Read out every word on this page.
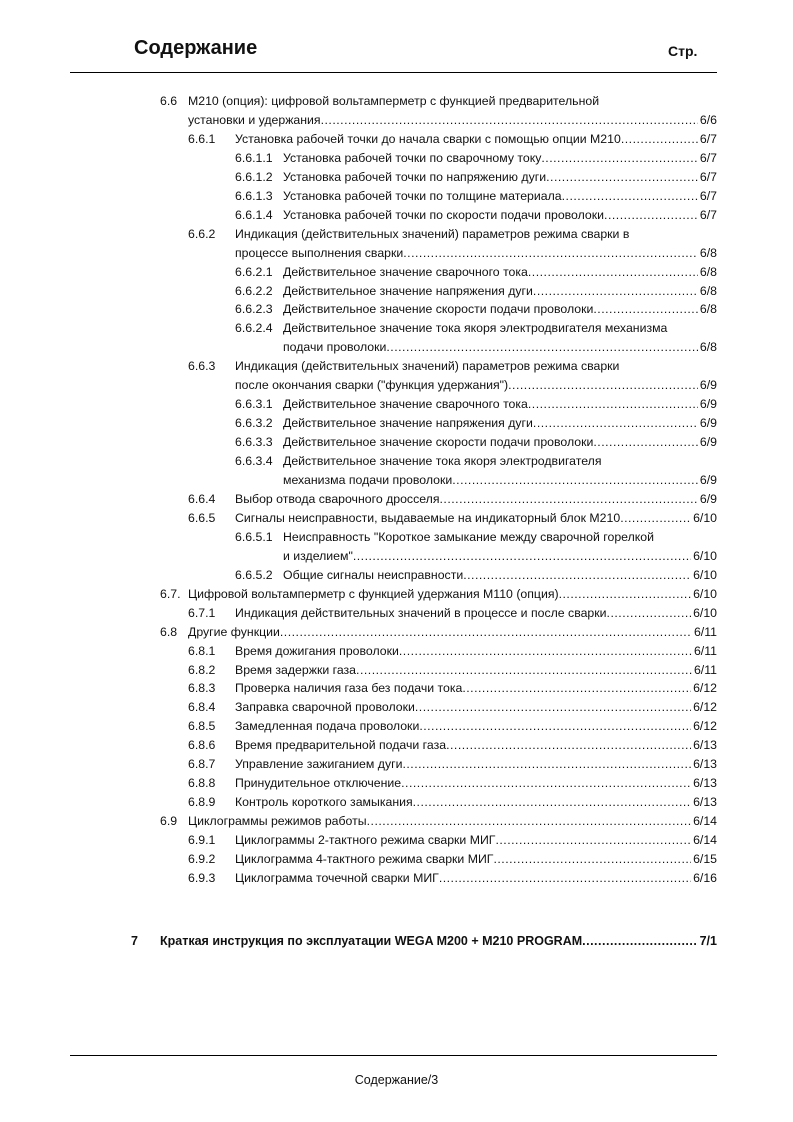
Содержание	Стр.
6.6 M210 (опция): цифровой вольтамперметр с функцией предварительной
установки и удержания .....	6/6
6.6.1 Установка рабочей точки до начала сварки с помощью опции M210 .....	6/7
6.6.1.1 Установка рабочей точки по сварочному току .....	6/7
6.6.1.2 Установка рабочей точки по напряжению дуги .....	6/7
6.6.1.3 Установка рабочей точки по толщине материала .....	6/7
6.6.1.4 Установка рабочей точки по скорости подачи проволоки .....	6/7
6.6.2 Индикация (действительных значений) параметров режима сварки в
процессе выполнения сварки .....	6/8
6.6.2.1 Действительное значение сварочного тока .....	6/8
6.6.2.2 Действительное значение напряжения дуги .....	6/8
6.6.2.3 Действительное значение скорости подачи проволоки .....	6/8
6.6.2.4 Действительное значение тока якоря электродвигателя механизма
подачи проволоки .....	6/8
6.6.3 Индикация (действительных значений) параметров режима сварки
после окончания сварки ("функция удержания") .....	6/9
6.6.3.1 Действительное значение сварочного тока .....	6/9
6.6.3.2 Действительное значение напряжения дуги .....	6/9
6.6.3.3 Действительное значение скорости подачи проволоки .....	6/9
6.6.3.4 Действительное значение тока якоря электродвигателя
механизма подачи проволоки .....	6/9
6.6.4 Выбор отвода сварочного дросселя .....	6/9
6.6.5 Сигналы неисправности, выдаваемые на индикаторный блок M210 .....	6/10
6.6.5.1 Неисправность "Короткое замыкание между сварочной горелкой
и изделием" .....	6/10
6.6.5.2 Общие сигналы неисправности .....	6/10
6.7. Цифровой вольтамперметр с функцией удержания M110 (опция) .....	6/10
6.7.1 Индикация действительных значений в процессе и после сварки .....	6/10
6.8 Другие функции .....	6/11
6.8.1 Время дожигания проволоки .....	6/11
6.8.2 Время задержки газа .....	6/11
6.8.3 Проверка наличия газа без подачи тока .....	6/12
6.8.4 Заправка сварочной проволоки .....	6/12
6.8.5 Замедленная подача проволоки .....	6/12
6.8.6 Время предварительной подачи газа .....	6/13
6.8.7 Управление зажиганием дуги .....	6/13
6.8.8 Принудительное отключение .....	6/13
6.8.9 Контроль короткого замыкания .....	6/13
6.9 Циклограммы режимов работы .....	6/14
6.9.1 Циклограммы 2-тактного режима сварки МИГ .....	6/14
6.9.2 Циклограмма 4-тактного режима сварки МИГ .....	6/15
6.9.3 Циклограмма точечной сварки МИГ .....	6/16
7 Краткая инструкция по эксплуатации WEGA M200 + M210 PROGRAM .....	7/1
Содержание/3
